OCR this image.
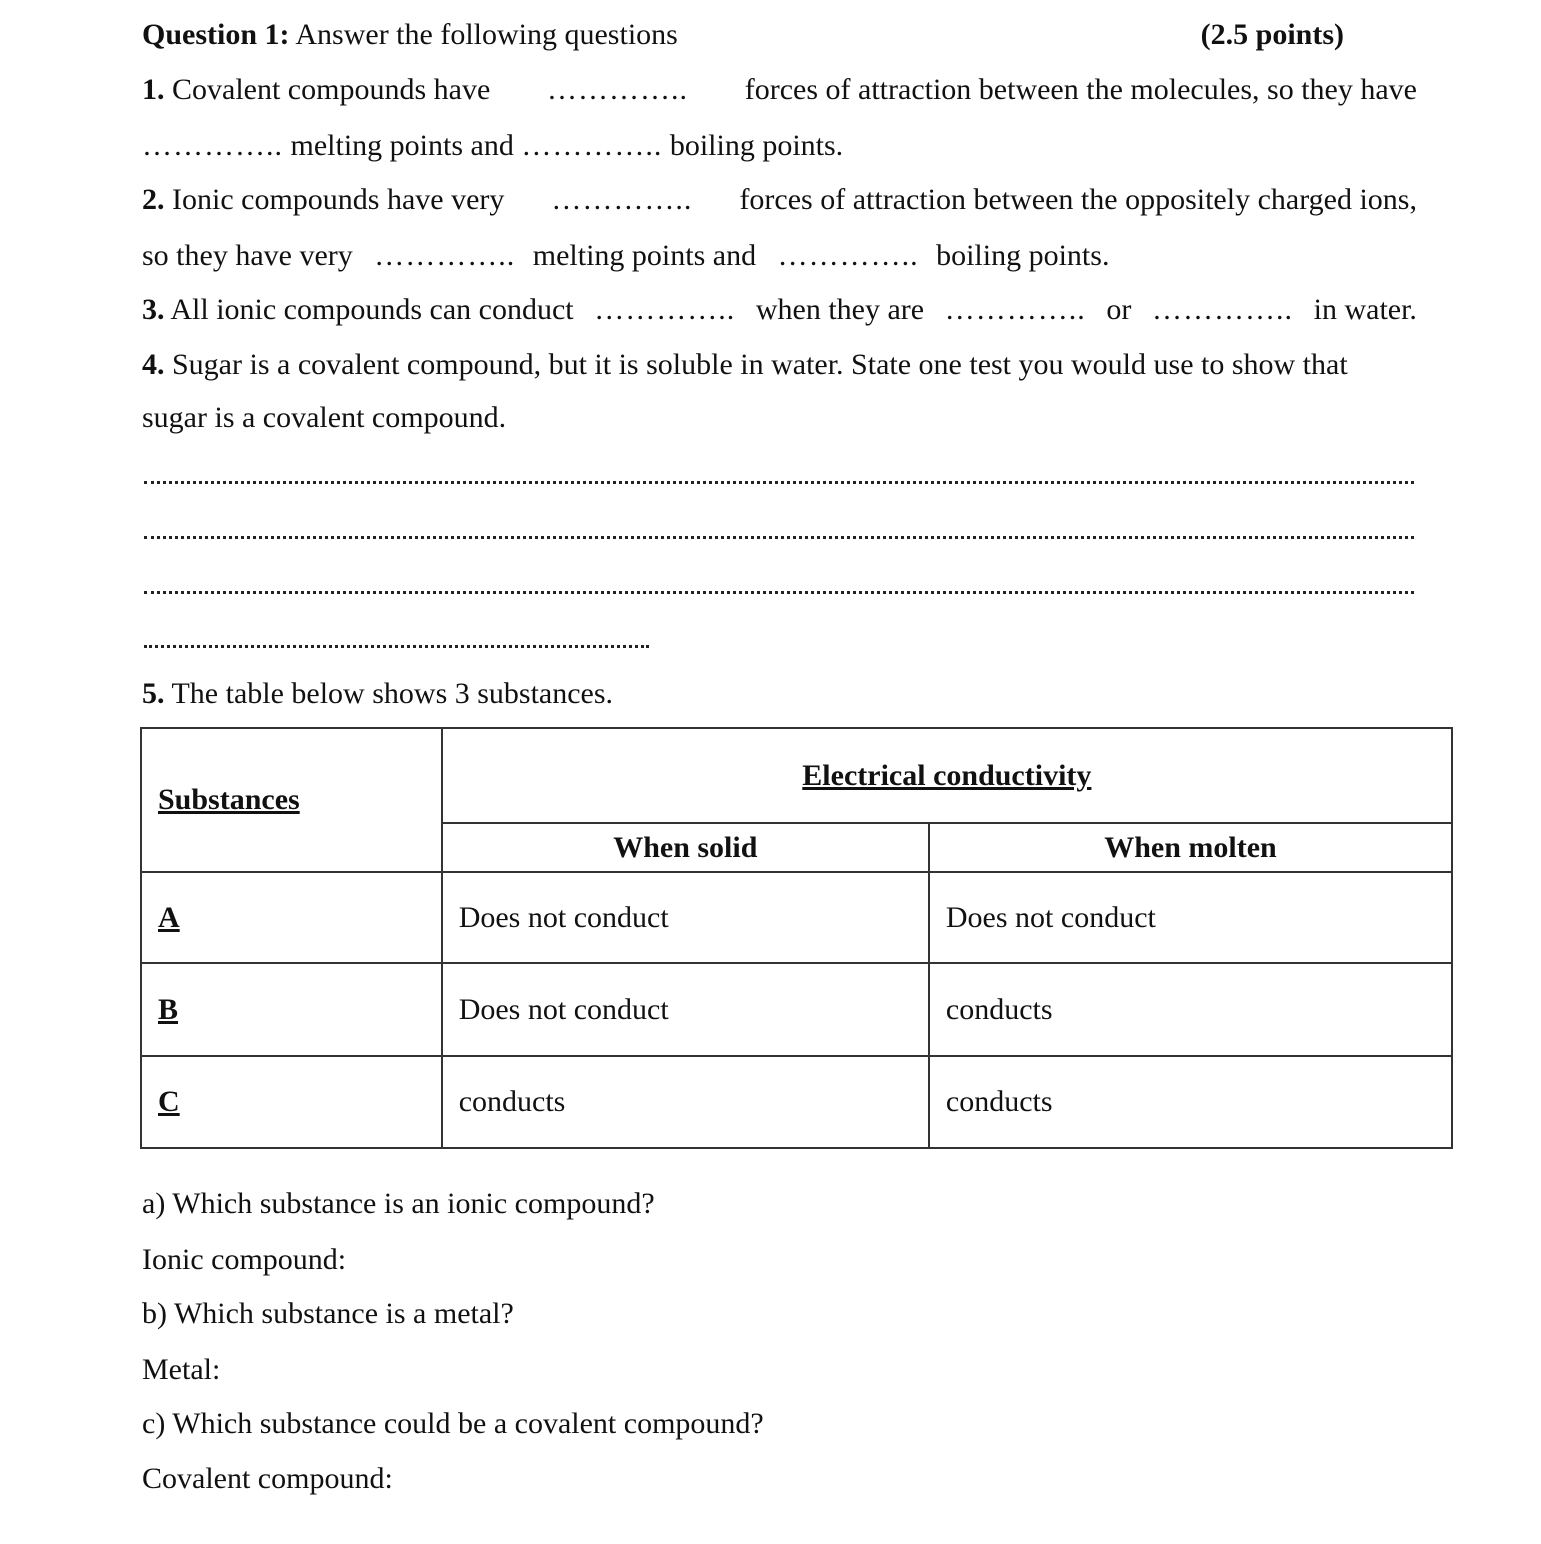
Question 1: Answer the following questions	(2.5 points)
1. Covalent compounds have ………….. forces of attraction between the molecules, so they have
………….. melting points and ………….. boiling points.
2. Ionic compounds have very ………….. forces of attraction between the oppositely charged ions,
so they have very ………….. melting points and ………….. boiling points.
3. All ionic compounds can conduct ………….. when they are ………….. or ………….. in water.
4. Sugar is a covalent compound, but it is soluble in water. State one test you would use to show that
sugar is a covalent compound.
5. The table below shows 3 substances.
Substances	Electrical conductivity	
	When solid	When molten
A	Does not conduct	Does not conduct
B	Does not conduct	conducts
C	conducts	conducts
a) Which substance is an ionic compound?
Ionic compound:
b) Which substance is a metal?
Metal:
c) Which substance could be a covalent compound?
Covalent compound:
